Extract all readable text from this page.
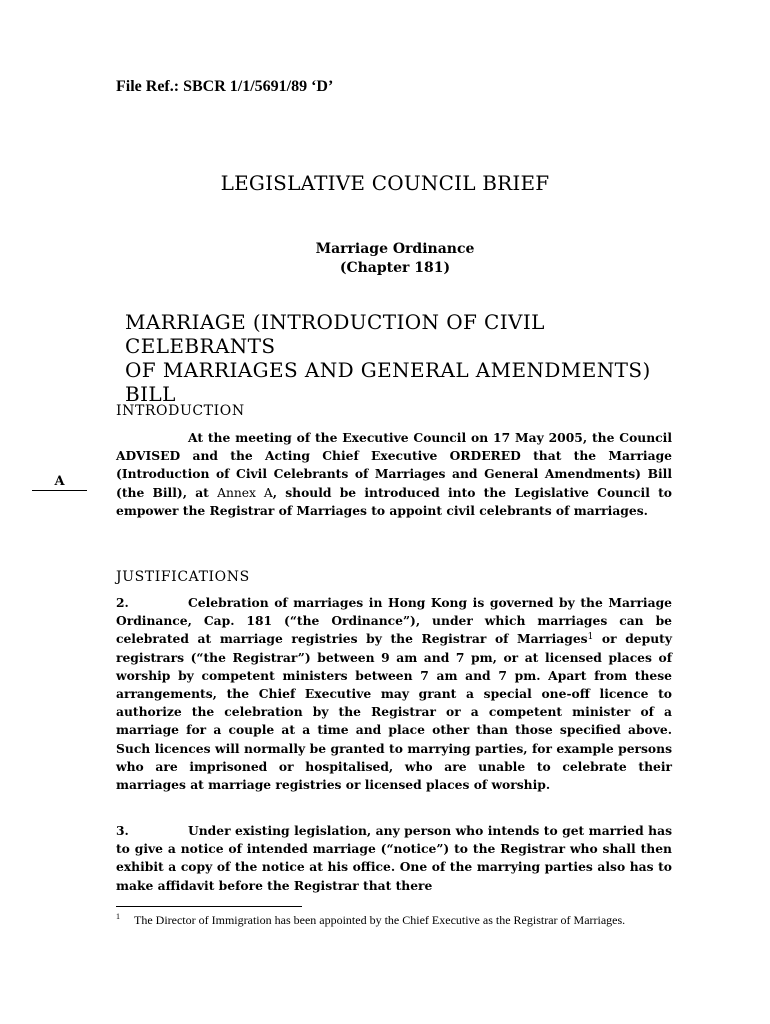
File Ref.: SBCR 1/1/5691/89 ‘D’
LEGISLATIVE COUNCIL BRIEF
Marriage Ordinance
(Chapter 181)
MARRIAGE (INTRODUCTION OF CIVIL CELEBRANTS
OF MARRIAGES AND GENERAL AMENDMENTS) BILL
INTRODUCTION
A

At the meeting of the Executive Council on 17 May 2005, the Council ADVISED and the Acting Chief Executive ORDERED that the Marriage (Introduction of Civil Celebrants of Marriages and General Amendments) Bill (the Bill), at Annex A, should be introduced into the Legislative Council to empower the Registrar of Marriages to appoint civil celebrants of marriages.

JUSTIFICATIONS

2.	Celebration of marriages in Hong Kong is governed by the Marriage Ordinance, Cap. 181 (“the Ordinance”), under which marriages can be celebrated at marriage registries by the Registrar of Marriages$^1$ or deputy registrars (“the Registrar”) between 9 am and 7 pm, or at licensed places of worship by competent ministers between 7 am and 7 pm. Apart from these arrangements, the Chief Executive may grant a special one-off licence to authorize the celebration by the Registrar or a competent minister of a marriage for a couple at a time and place other than those specified above. Such licences will normally be granted to marrying parties, for example persons who are imprisoned or hospitalised, who are unable to celebrate their marriages at marriage registries or licensed places of worship.

3.	Under existing legislation, any person who intends to get married has to give a notice of intended marriage (“notice”) to the Registrar who shall then exhibit a copy of the notice at his office. One of the marrying parties also has to make affidavit before the Registrar that there

$^1$ The Director of Immigration has been appointed by the Chief Executive as the Registrar of Marriages.
